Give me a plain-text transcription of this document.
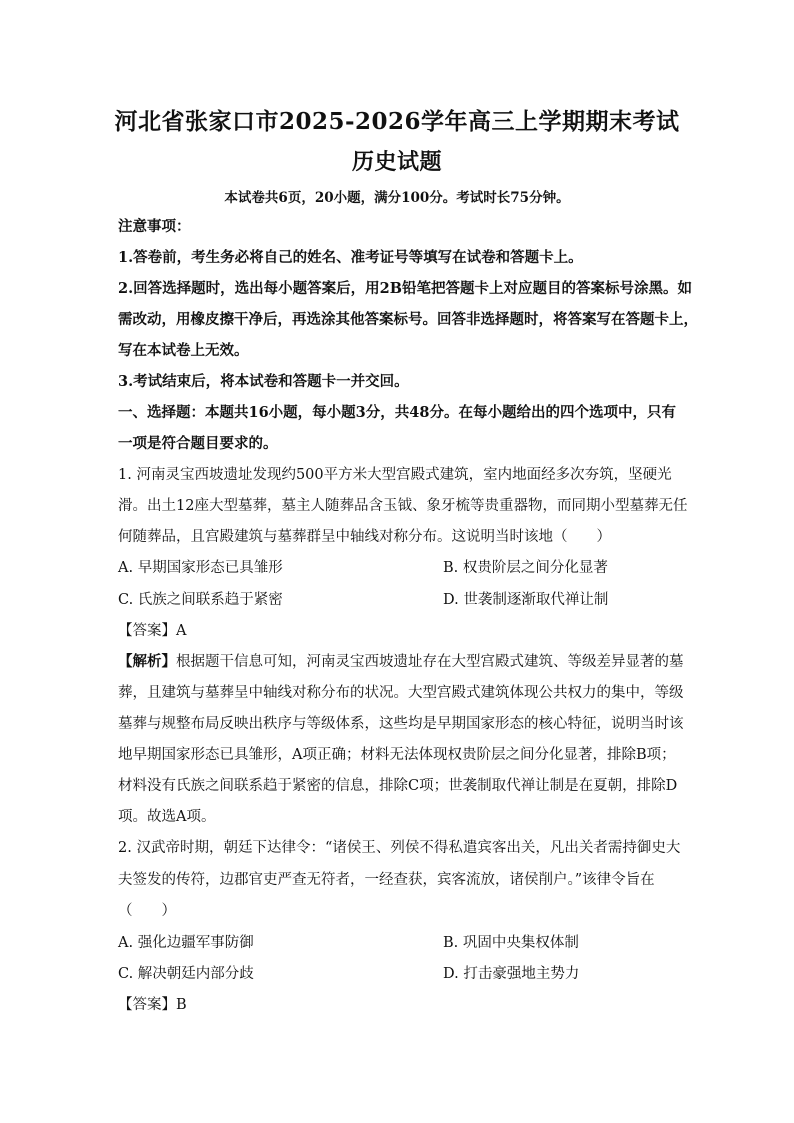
河北省张家口市2025-2026学年高三上学期期末考试
历史试题
本试卷共6页，20小题，满分100分。考试时长75分钟。
注意事项：
1.答卷前，考生务必将自己的姓名、准考证号等填写在试卷和答题卡上。
2.回答选择题时，选出每小题答案后，用2B铅笔把答题卡上对应题目的答案标号涂黑。如
需改动，用橡皮擦干净后，再选涂其他答案标号。回答非选择题时，将答案写在答题卡上，
写在本试卷上无效。
3.考试结束后，将本试卷和答题卡一并交回。
一、选择题：本题共16小题，每小题3分，共48分。在每小题给出的四个选项中，只有
一项是符合题目要求的。
1. 河南灵宝西坡遗址发现约500平方米大型宫殿式建筑，室内地面经多次夯筑，坚硬光
滑。出土12座大型墓葬，墓主人随葬品含玉钺、象牙梳等贵重器物，而同期小型墓葬无任
何随葬品，且宫殿建筑与墓葬群呈中轴线对称分布。这说明当时该地（　　）
A. 早期国家形态已具雏形	B. 权贵阶层之间分化显著
C. 氏族之间联系趋于紧密	D. 世袭制逐渐取代禅让制
【答案】A
【解析】根据题干信息可知，河南灵宝西坡遗址存在大型宫殿式建筑、等级差异显著的墓
葬，且建筑与墓葬呈中轴线对称分布的状况。大型宫殿式建筑体现公共权力的集中，等级
墓葬与规整布局反映出秩序与等级体系，这些均是早期国家形态的核心特征，说明当时该
地早期国家形态已具雏形，A项正确；材料无法体现权贵阶层之间分化显著，排除B项；
材料没有氏族之间联系趋于紧密的信息，排除C项；世袭制取代禅让制是在夏朝，排除D
项。故选A项。
2. 汉武帝时期，朝廷下达律令：“诸侯王、列侯不得私遣宾客出关，凡出关者需持御史大
夫签发的传符，边郡官吏严查无符者，一经查获，宾客流放，诸侯削户。”该律令旨在
（　　）
A. 强化边疆军事防御	B. 巩固中央集权体制
C. 解决朝廷内部分歧	D. 打击豪强地主势力
【答案】B
